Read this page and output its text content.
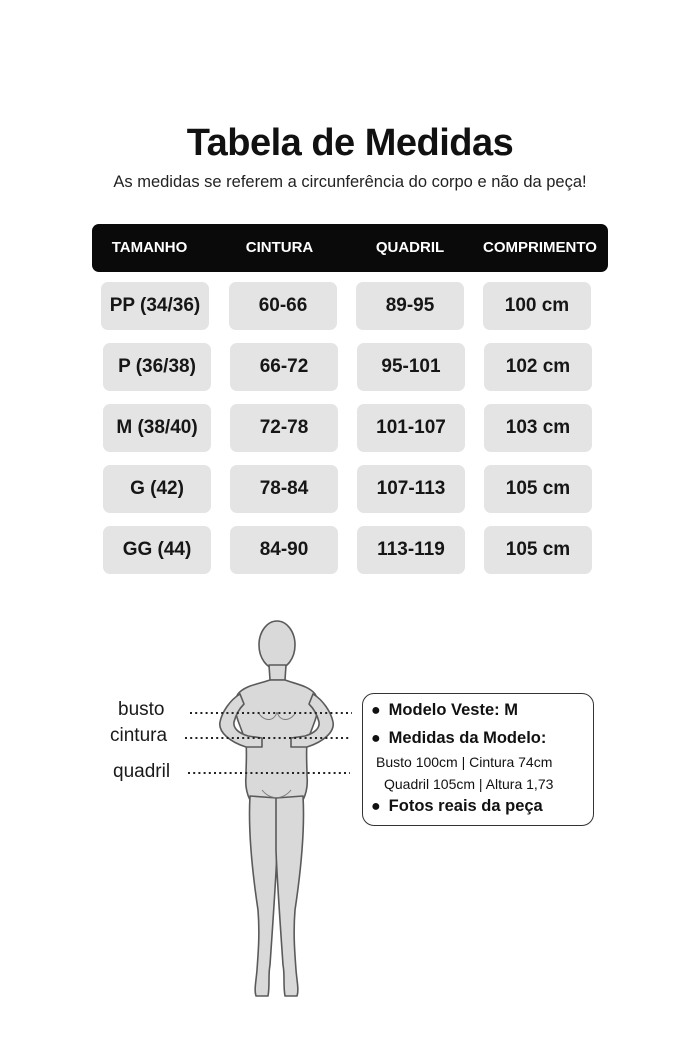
Tabela de Medidas
As medidas se referem a circunferência do corpo e não da peça!
TAMANHO	CINTURA	QUADRIL	COMPRIMENTO
PP (34/36)	60-66	89-95	100 cm
P (36/38)	66-72	95-101	102 cm
M (38/40)	72-78	101-107	103 cm
G (42)	78-84	107-113	105 cm
GG (44)	84-90	113-119	105 cm
busto
cintura
quadril
● Modelo Veste: M
● Medidas da Modelo:
Busto 100cm | Cintura 74cm
Quadril 105cm | Altura 1,73
● Fotos reais da peça
